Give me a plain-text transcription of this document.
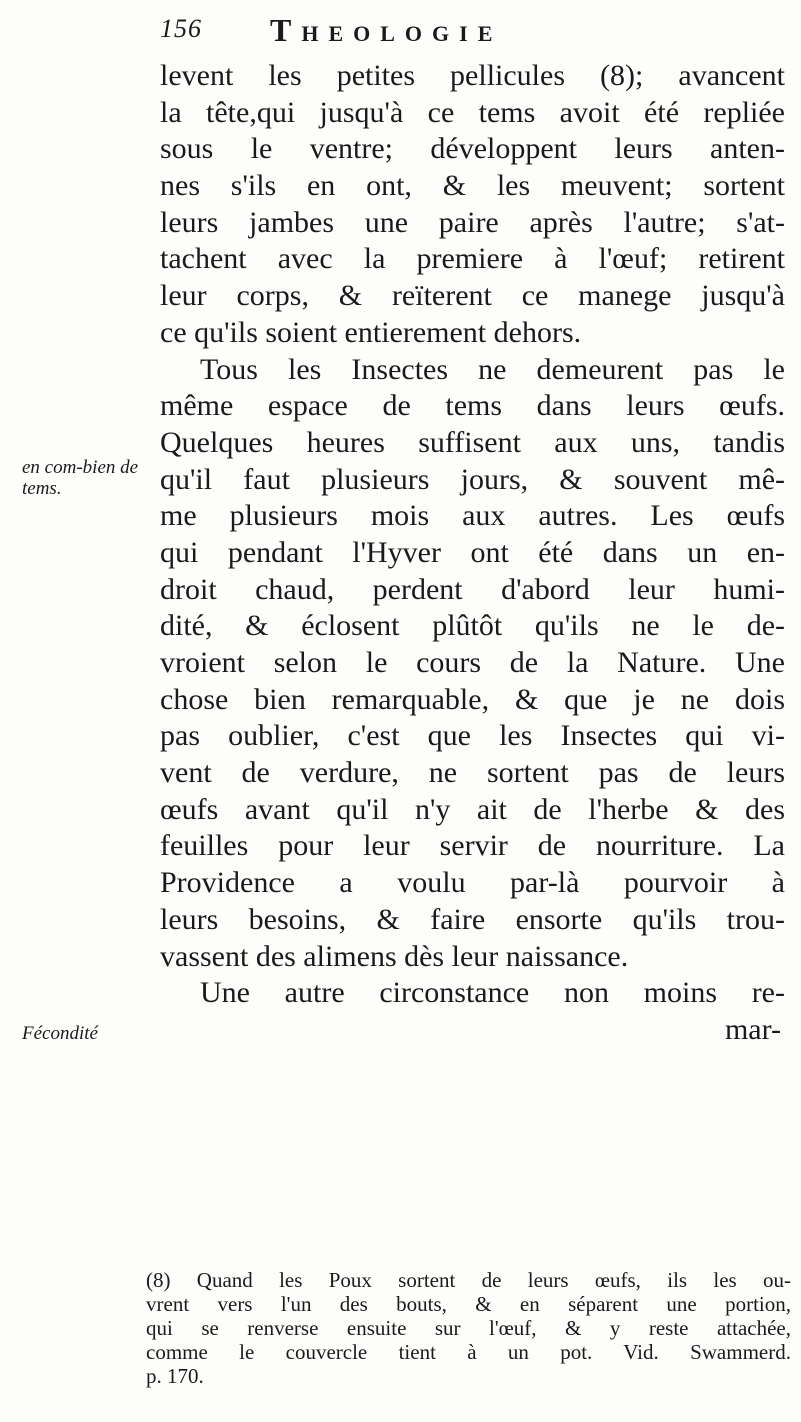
156 Theologie
en com-bien de tems.
Fécondité
levent les petites pellicules (8); avancent
la tête,qui jusqu'à ce tems avoit été repliée
sous le ventre; développent leurs anten-
nes s'ils en ont, & les meuvent; sortent
leurs jambes une paire après l'autre; s'at-
tachent avec la premiere à l'œuf; retirent
leur corps, & reïterent ce manege jusqu'à
ce qu'ils soient entierement dehors.
Tous les Insectes ne demeurent pas le
même espace de tems dans leurs œufs.
Quelques heures suffisent aux uns, tandis
qu'il faut plusieurs jours, & souvent mê-
me plusieurs mois aux autres. Les œufs
qui pendant l'Hyver ont été dans un en-
droit chaud, perdent d'abord leur humi-
dité, & éclosent plûtôt qu'ils ne le de-
vroient selon le cours de la Nature. Une
chose bien remarquable, & que je ne dois
pas oublier, c'est que les Insectes qui vi-
vent de verdure, ne sortent pas de leurs
œufs avant qu'il n'y ait de l'herbe & des
feuilles pour leur servir de nourriture. La
Providence a voulu par-là pourvoir à
leurs besoins, & faire ensorte qu'ils trou-
vassent des alimens dès leur naissance.
Une autre circonstance non moins re-
mar-
(8) Quand les Poux sortent de leurs œufs, ils les ou-
vrent vers l'un des bouts, & en séparent une portion,
qui se renverse ensuite sur l'œuf, & y reste attachée,
comme le couvercle tient à un pot. Vid. Swammerd.
p. 170.
